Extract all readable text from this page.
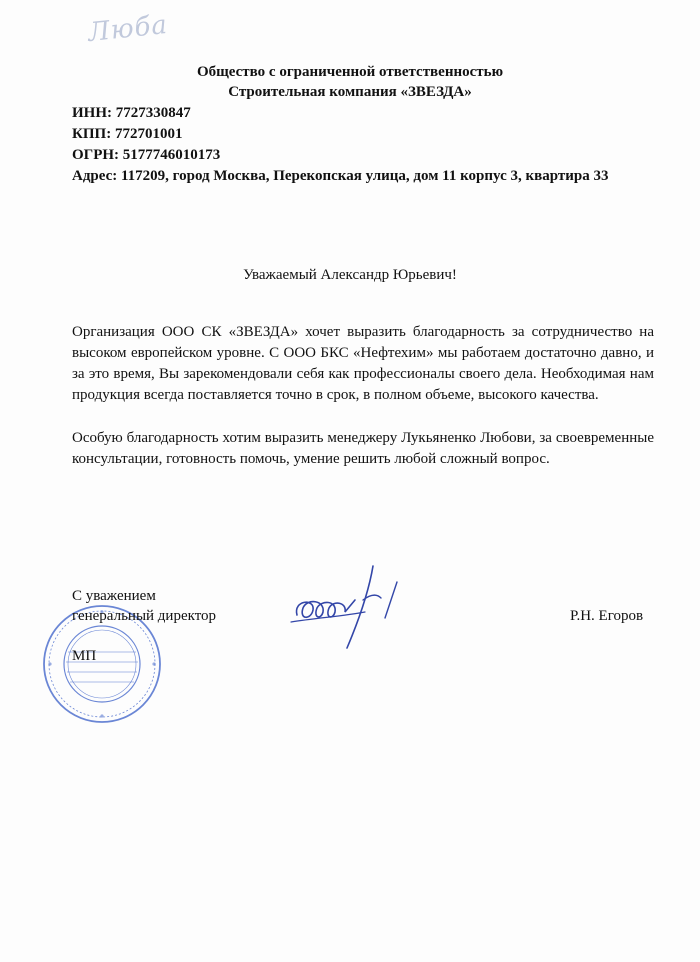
Люба
Общество с ограниченной ответственностью
Строительная компания «ЗВЕЗДА»
ИНН: 7727330847
КПП: 772701001
ОГРН: 5177746010173
Адрес: 117209, город Москва, Перекопская улица, дом 11 корпус 3, квартира 33
Уважаемый Александр Юрьевич!

Организация ООО СК «ЗВЕЗДА» хочет выразить благодарность за сотрудничество на высоком европейском уровне. С ООО БКС «Нефтехим» мы работаем достаточно давно, и за это время, Вы зарекомендовали себя как профессионалы своего дела. Необходимая нам продукция всегда поставляется точно в срок, в полном объеме, высокого качества.

Особую благодарность хотим выразить менеджеру Лукьяненко Любови, за своевременные консультации, готовность помочь, умение решить любой сложный вопрос.

С уважением
генеральный директор	Р.Н. Егоров
МП
